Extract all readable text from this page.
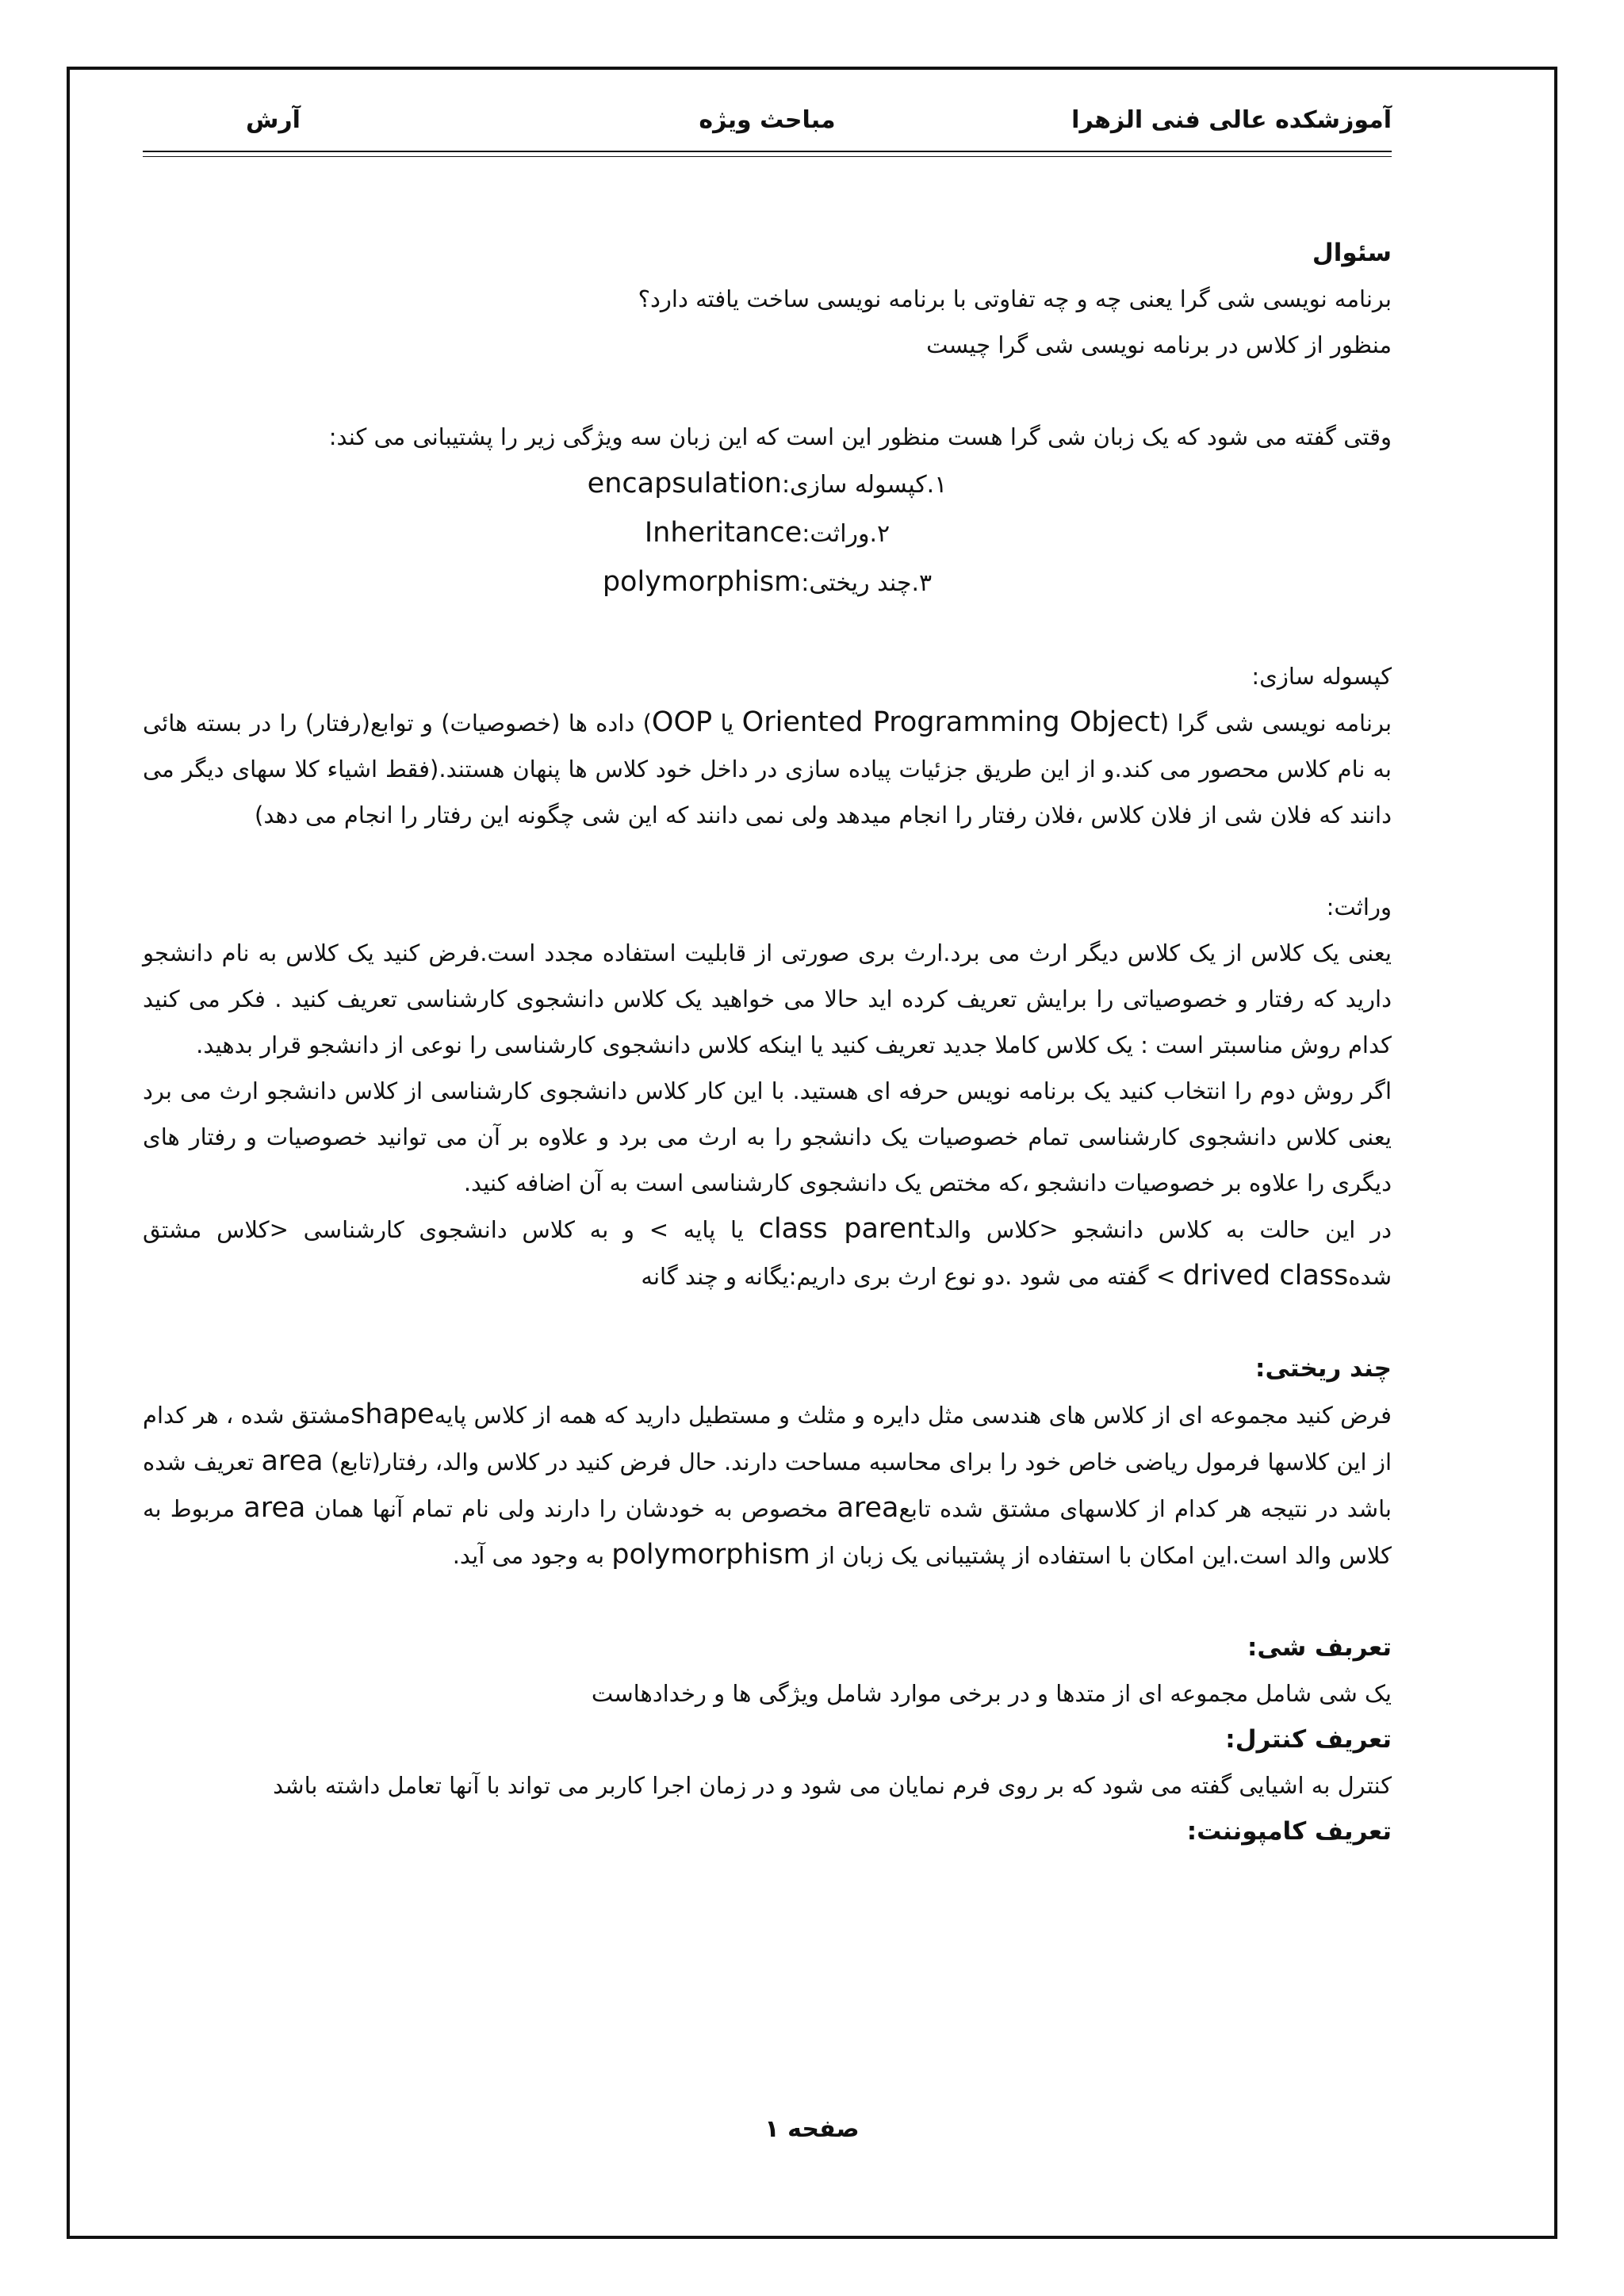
آموزشکده عالی فنی الزهرا
مباحث ویژه
آرش

سئوال

برنامه نویسی شی گرا یعنی چه و چه تفاوتی با برنامه نویسی ساخت یافته دارد؟

منظور از کلاس در برنامه نویسی شی گرا چیست

وقتی گفته می شود که یک زبان شی گرا هست منظور این است که این زبان سه ویژگی زیر را پشتیبانی می کند:

۱.کپسوله سازی:encapsulation

۲.وراثت:Inheritance

۳.چند ریختی:polymorphism

کپسوله سازی:

برنامه نویسی شی گرا (Oriented Programming Object یا OOP) داده ها (خصوصیات) و توابع(رفتار) را در بسته هائی به نام کلاس محصور می کند.و از این طریق جزئیات پیاده سازی در داخل خود کلاس ها پنهان هستند.(فقط اشیاء کلا سهای دیگر می دانند که فلان شی از فلان کلاس ،فلان رفتار را انجام میدهد ولی نمی دانند که این شی چگونه این رفتار را انجام می دهد)

وراثت:

یعنی یک کلاس از یک کلاس دیگر ارث می برد.ارث بری صورتی از قابلیت استفاده مجدد است.فرض کنید یک کلاس به نام دانشجو دارید که رفتار و خصوصیاتی را برایش تعریف کرده اید حالا می خواهید یک کلاس دانشجوی کارشناسی تعریف کنید . فکر می کنید کدام روش مناسبتر است : یک کلاس کاملا جدید تعریف کنید یا اینکه کلاس دانشجوی کارشناسی را نوعی از دانشجو قرار بدهید.

اگر روش دوم را انتخاب کنید یک برنامه نویس حرفه ای هستید. با این کار کلاس دانشجوی کارشناسی از کلاس دانشجو ارث می برد یعنی کلاس دانشجوی کارشناسی تمام خصوصیات یک دانشجو را به ارث می برد و علاوه بر آن می توانید خصوصیات و رفتار های دیگری را علاوه بر خصوصیات دانشجو ،که مختص یک دانشجوی کارشناسی است به آن اضافه کنید.

در این حالت به کلاس دانشجو <کلاس والدclass parent یا پایه > و به کلاس دانشجوی کارشناسی <کلاس مشتق شدهdrived class > گفته می شود .دو نوع ارث بری داریم:یگانه و چند گانه

چند ریختی:

فرض کنید مجموعه ای از کلاس های هندسی مثل دایره و مثلث و مستطیل دارید که همه از کلاس پایهshapeمشتق شده ، هر کدام از این کلاسها فرمول ریاضی خاص خود را برای محاسبه مساحت دارند. حال فرض کنید در کلاس والد، رفتار(تابع) area تعریف شده باشد در نتیجه هر کدام از کلاسهای مشتق شده تابعarea مخصوص به خودشان را دارند ولی نام تمام آنها همان area مربوط به کلاس والد است.این امکان با استفاده از پشتیبانی یک زبان از polymorphism به وجود می آید.

تعربف شی:

یک شی شامل مجموعه ای از متدها و در برخی موارد شامل ویژگی ها و رخدادهاست

تعریف کنترل:

کنترل به اشیایی گفته می شود که بر روی فرم نمایان می شود و در زمان اجرا کاربر می تواند با آنها تعامل داشته باشد

تعریف کامپوننت:

صفحه ۱
